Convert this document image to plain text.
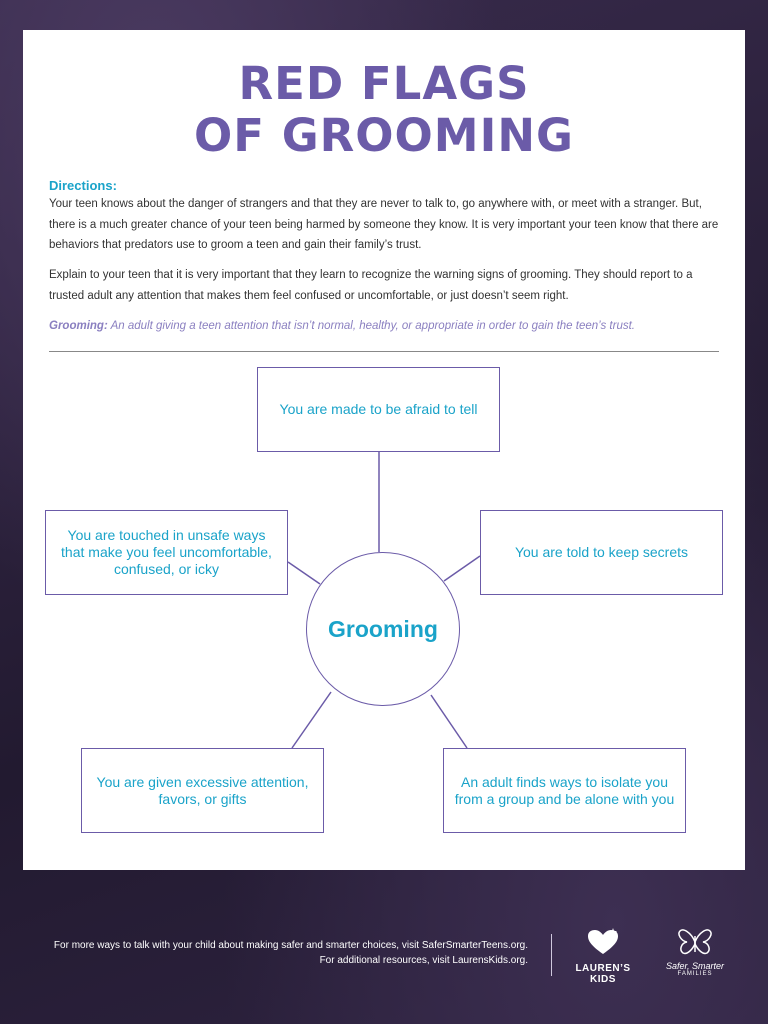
RED FLAGS
OF GROOMING
Directions:
Your teen knows about the danger of strangers and that they are never to talk to, go anywhere with, or meet with a stranger. But, there is a much greater chance of your teen being harmed by someone they know. It is very important your teen know that there are behaviors that predators use to groom a teen and gain their family’s trust.
Explain to your teen that it is very important that they learn to recognize the warning signs of grooming. They should report to a trusted adult any attention that makes them feel confused or uncomfortable, or just doesn’t seem right.
Grooming: An adult giving a teen attention that isn’t normal, healthy, or appropriate in order to gain the teen’s trust.
You are made to be afraid to tell
You are touched in unsafe ways that make you feel uncomfortable, confused, or icky
You are told to keep secrets
You are given excessive attention, favors, or gifts
An adult finds ways to isolate you from a group and be alone with you
Grooming
For more ways to talk with your child about making safer and smarter choices, visit SaferSmarterTeens.org.
For additional resources, visit LaurensKids.org.
LAUREN’S KIDS
Safer, Smarter
FAMILIES
